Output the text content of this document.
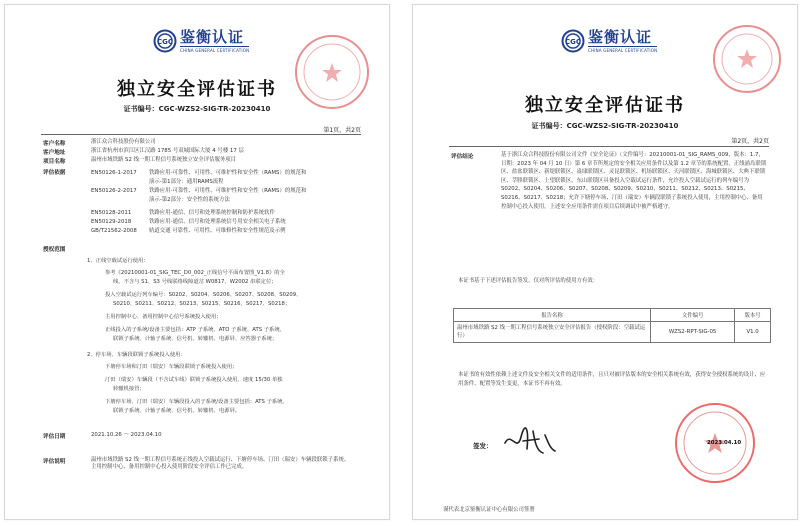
CGC 鉴衡认证
CHINA GENERAL CERTIFICATION
独立安全评估证书
证书编号：CGC-WZS2-SIG-TR-20230410
第1页，共2页
客户名称	浙江众合科技股份有限公司
客户地址	浙江省杭州市滨江区江汉路 1785 号双城国际大厦 4 号楼 17 层
项目名称	温州市域铁路 S2 线一期工程信号系统独立安全评估服务项目
评估依据	EN50126-1-2017 铁路应用-可靠性、可用性、可维护性和安全性（RAMS）的规范和
演示-第1部分：通用RAMS流程
EN50126-2-2017 铁路应用-可靠性、可用性、可维护性和安全性（RAMS）的规范和
演示-第2部分：安全性的系统方法
EN50128-2011	铁路应用-通信、信号和处理系统控制和防护系统软件
EN50129-2018	铁路应用-通信、信号和处理系统信号用安全相关电子系统
GB/T21562-2008 轨道交通 可靠性、可用性、可维修性和安全性规范及示例
授权范围
1、正线空载试运行使用：
参考《20210001-01_SIG_TEC_D0_002_正线信号平面布置图_V1.8》的全
线，不含与 S1、S3 号线联络线障道岔 W0817、W2002 串联定位；
投入空载试运行列车编号：S0202、S0204、S0206、S0207、S0208、S0209、
S0210、S0211、S0212、S0213、S0215、S0216、S0217、S0218；
主用控制中心、备用控制中心信号系统投入使用；
正线投入的子系统/设备主要包括：ATP 子系统、ATO 子系统、ATS 子系统、
联锁子系统、计轴子系统、信号机、转辙机、电源屏、应答器子系统；
2、停车场、车辆段联锁子系统投入使用：
下塘停车场和汀田（瑞安）车辆段联锁子系统投入使用；
汀田（瑞安）车辆段（不含试车线）联锁子系统投入使用，速度 15/30 单独
转辙机接管；
下塘停车场、汀田（瑞安）车辆段投入的子系统/设备主要包括：ATS 子系统、
联锁子系统、计轴子系统、信号机、转辙机、电源屏。
评估日期	2021.10.26 ～ 2023.04.10
评估说明	温州市域铁路 S2 线一期工程信号系统正线投入空载试运行、下塘停车场、汀田（瑞安）车辆段联锁子系统、主用控制中心、备用控制中心投入使用阶段安全评估工作已完成。
CGC 鉴衡认证
CHINA GENERAL CERTIFICATION
独立安全评估证书
证书编号：CGC-WZS2-SIG-TR-20230410
第2页，共2页
评估结论	基于浙江众合科技股份有限公司文件《安全论证》（文件编号：20210001-01_SIG_RAMS_009，版本：1.7，日期：2023 年 04 月 10 日）第 6 章节所规定的安全相关应用条件以及第 1.2 章节的系统配置，正线涌岛联锁区、盐盆联锁区、新堤联锁区、盎埭联锁区、灵昆联锁区、机场联锁区、天河联锁区、海城联锁区、大典下联锁区、莘塍联锁区、上望联锁区、东山联锁区具备投入空载试运行条件，允许投入空载试运行的列车编号为 S0202、S0204、S0206、S0207、S0208、S0209、S0210、S0211、S0212、S0213、S0215、S0216、S0217、S0218；允许下塘停车场、汀田（瑞安）车辆段联锁子系统投入使用，主用控制中心、备用控制中心投入使用。上述安全应用条件需在项目后续调试中被严格遵守。
本证书基于下述评估报告签发，仅对所评估的使用方有效：
报告名称	文件编号	版本号
温州市域铁路 S2 线一期工程信号系统独立安全评估报告（授权阶段：空载试运行）	WZS2-RPT-SIG-05	V1.0
本证书的有效性依赖上述文件及安全相关文件的适用条件，且只对被评估版本的安全相关系统有效，获得安全授权系统的设计、应用条件、配置等发生变更，本证书不再有效。
签发：	2023.04.10
谨代表北京鉴衡认证中心有限公司签署
